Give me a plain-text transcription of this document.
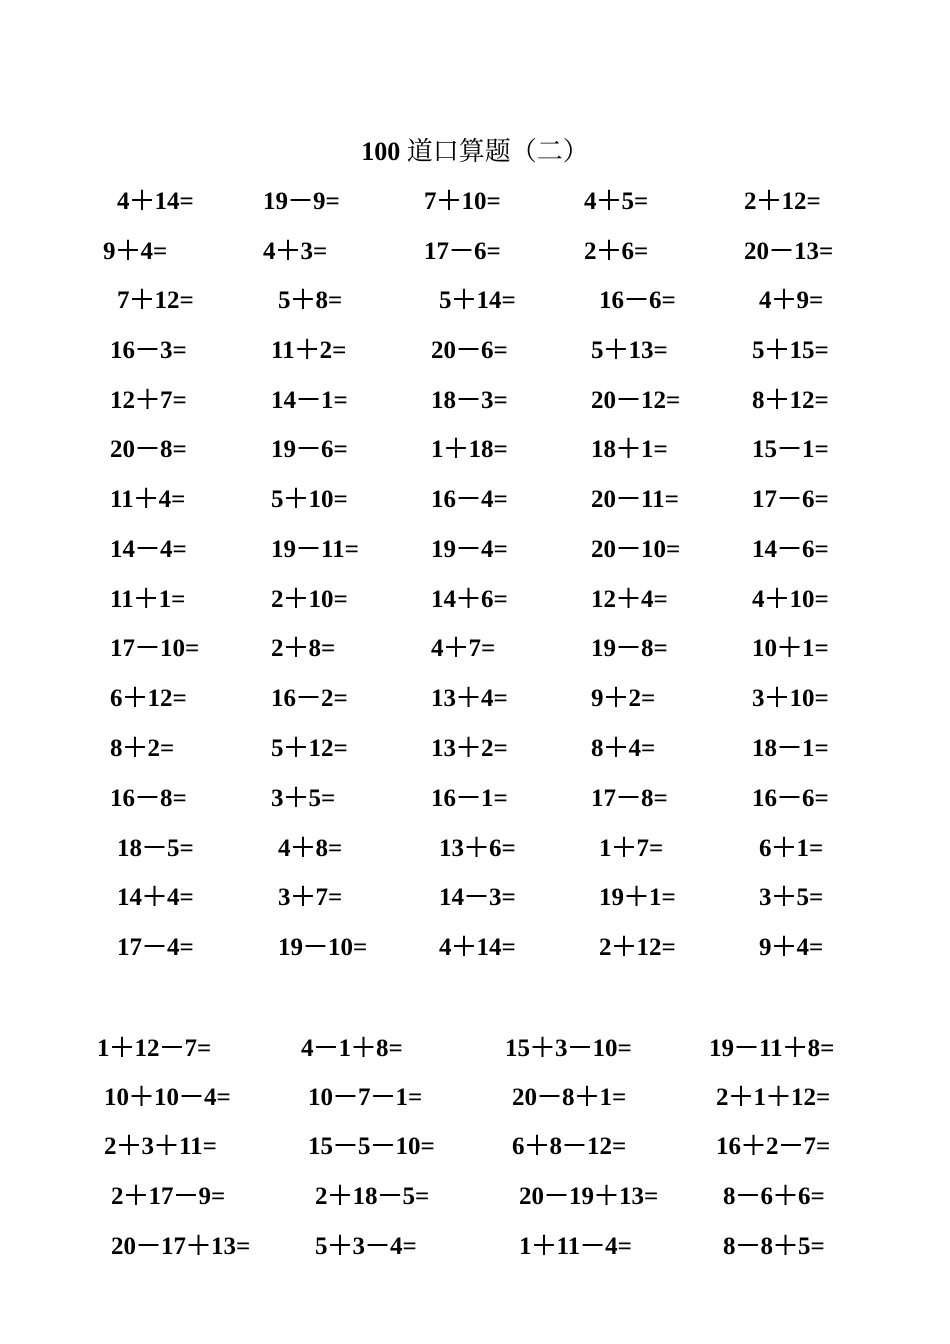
100 道口算题（二）
4＋14=	19－9=	7＋10=	4＋5=	2＋12=
9＋4=	4＋3=	17－6=	2＋6=	20－13=
7＋12=	5＋8=	5＋14=	16－6=	4＋9=
16－3=	11＋2=	20－6=	5＋13=	5＋15=
12＋7=	14－1=	18－3=	20－12=	8＋12=
20－8=	19－6=	1＋18=	18＋1=	15－1=
11＋4=	5＋10=	16－4=	20－11=	17－6=
14－4=	19－11=	19－4=	20－10=	14－6=
11＋1=	2＋10=	14＋6=	12＋4=	4＋10=
17－10=	2＋8=	4＋7=	19－8=	10＋1=
6＋12=	16－2=	13＋4=	9＋2=	3＋10=
8＋2=	5＋12=	13＋2=	8＋4=	18－1=
16－8=	3＋5=	16－1=	17－8=	16－6=
18－5=	4＋8=	13＋6=	1＋7=	6＋1=
14＋4=	3＋7=	14－3=	19＋1=	3＋5=
17－4=	19－10=	4＋14=	2＋12=	9＋4=
1＋12－7=	4－1＋8=	15＋3－10=	19－11＋8=
10＋10－4=	10－7－1=	20－8＋1=	2＋1＋12=
2＋3＋11=	15－5－10=	6＋8－12=	16＋2－7=
2＋17－9=	2＋18－5=	20－19＋13=	8－6＋6=
20－17＋13=	5＋3－4=	1＋11－4=	8－8＋5=
